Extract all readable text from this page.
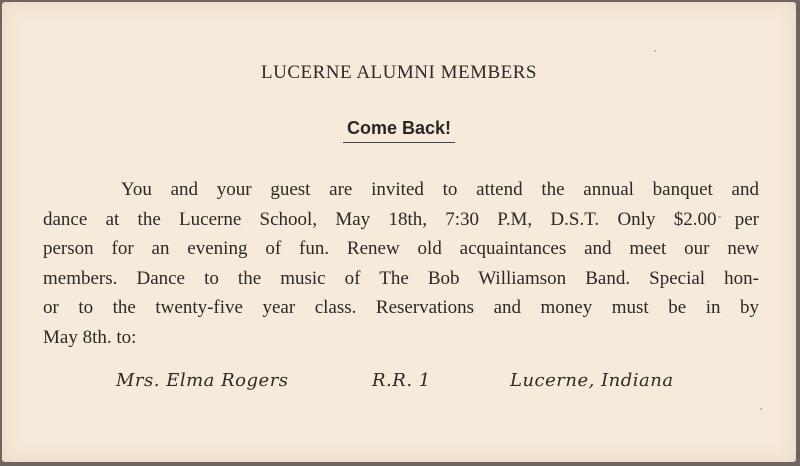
LUCERNE ALUMNI MEMBERS
Come Back!
You and your guest are invited to attend the annual banquet and
dance at the Lucerne School, May 18th, 7:30 P.M, D.S.T. Only $2.00 per
person for an evening of fun. Renew old acquaintances and meet our new
members. Dance to the music of The Bob Williamson Band. Special hon-
or to the twenty-five year class. Reservations and money must be in by
May 8th. to:
Mrs. Elma Rogers	R.R. 1	Lucerne, Indiana
